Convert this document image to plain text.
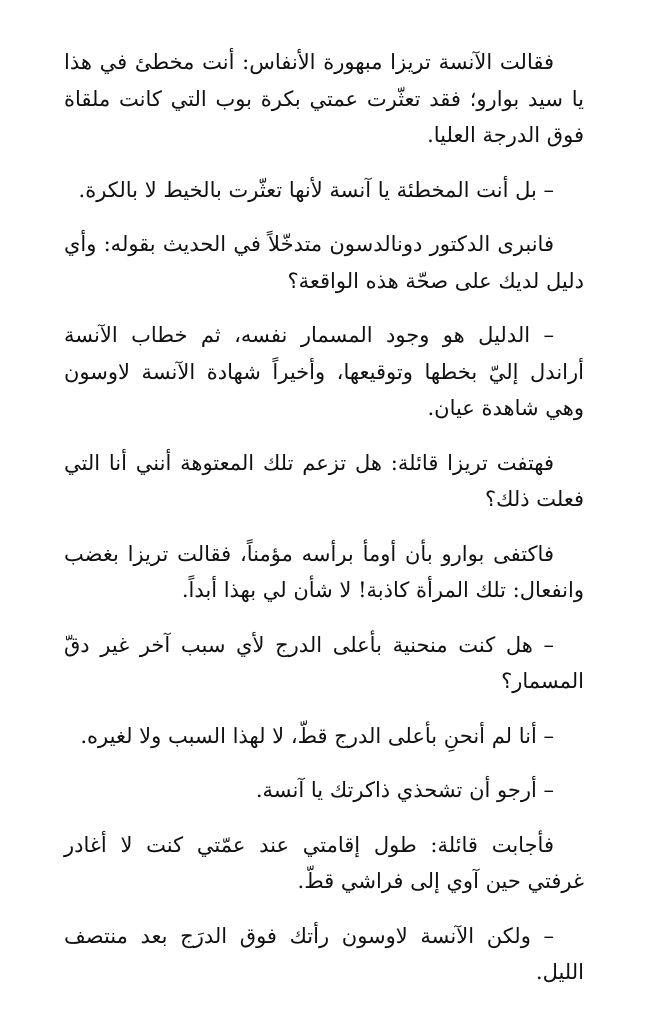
فقالت الآنسة تريزا مبهورة الأنفاس: أنت مخطئ في هذا يا سيد بوارو؛ فقد تعثّرت عمتي بكرة بوب التي كانت ملقاة فوق الدرجة العليا.

– بل أنت المخطئة يا آنسة لأنها تعثّرت بالخيط لا بالكرة.

فانبرى الدكتور دونالدسون متدخّلاً في الحديث بقوله: وأي دليل لديك على صحّة هذه الواقعة؟

– الدليل هو وجود المسمار نفسه، ثم خطاب الآنسة أراندل إليّ بخطها وتوقيعها، وأخيراً شهادة الآنسة لاوسون وهي شاهدة عيان.

فهتفت تريزا قائلة: هل تزعم تلك المعتوهة أنني أنا التي فعلت ذلك؟

فاكتفى بوارو بأن أومأ برأسه مؤمناً، فقالت تريزا بغضب وانفعال: تلك المرأة كاذبة! لا شأن لي بهذا أبداً.

– هل كنت منحنية بأعلى الدرج لأي سبب آخر غير دقّ المسمار؟

– أنا لم أنحنِ بأعلى الدرج قطّ، لا لهذا السبب ولا لغيره.

– أرجو أن تشحذي ذاكرتك يا آنسة.

فأجابت قائلة: طول إقامتي عند عمّتي كنت لا أغادر غرفتي حين آوي إلى فراشي قطّ.

– ولكن الآنسة لاوسون رأتك فوق الدرَج بعد منتصف الليل.
